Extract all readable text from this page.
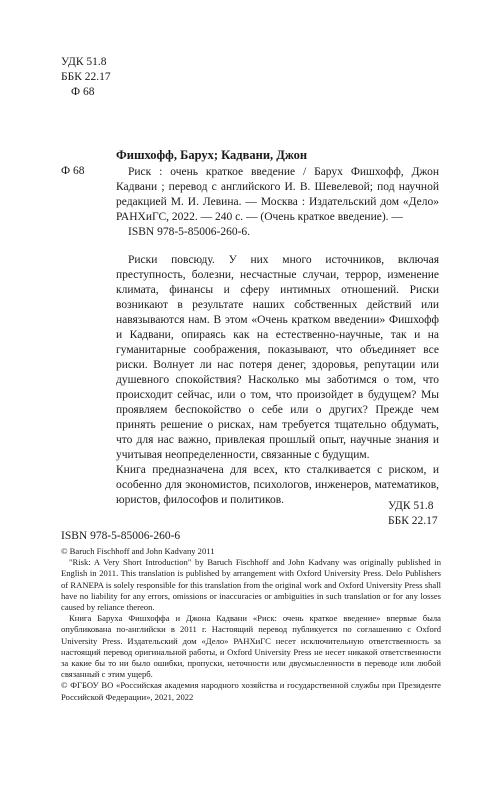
УДК 51.8
ББК 22.17
Ф 68
Фишхофф, Барух; Кадвани, Джон
Ф 68	Риск : очень краткое введение / Барух Фишхофф, Джон Кадвани ; перевод с английского И. В. Шевелевой; под научной редакцией М. И. Левина. — Москва : Издательский дом «Дело» РАНХиГС, 2022. — 240 с. — (Очень краткое введение). —

ISBN 978-5-85006-260-6.

Риски повсюду. У них много источников, включая преступность, болезни, несчастные случаи, террор, изменение климата, финансы и сферу интимных отношений. Риски возникают в результате наших собственных действий или навязываются нам. В этом «Очень кратком введении» Фишхофф и Кадвани, опираясь как на естественно-научные, так и на гуманитарные соображения, показывают, что объединяет все риски. Волнует ли нас потеря денег, здоровья, репутации или душевного спокойствия? Насколько мы заботимся о том, что происходит сейчас, или о том, что произойдет в будущем? Мы проявляем беспокойство о себе или о других? Прежде чем принять решение о рисках, нам требуется тщательно обдумать, что для нас важно, привлекая прошлый опыт, научные знания и учитывая неопределенности, связанные с будущим.

Книга предназначена для всех, кто сталкивается с риском, и особенно для экономистов, психологов, инженеров, математиков, юристов, философов и политиков.	УДК 51.8
ББК 22.17
ISBN 978-5-85006-260-6

© Baruch Fischhoff and John Kadvany 2011

"Risk: A Very Short Introduction" by Baruch Fischhoff and John Kadvany was originally published in English in 2011. This translation is published by arrangement with Oxford University Press. Delo Publishers of RANEPA is solely responsible for this translation from the original work and Oxford University Press shall have no liability for any errors, omissions or inaccuracies or ambiguities in such translation or for any losses caused by reliance thereon.

Книга Баруха Фишхоффа и Джона Кадвани «Риск: очень краткое введение» впервые была опубликована по-английски в 2011 г. Настоящий перевод публикуется по соглашению с Oxford University Press. Издательский дом «Дело» РАНХиГС несет исключительную ответственность за настоящий перевод оригинальной работы, и Oxford University Press не несет никакой ответственности за какие бы то ни было ошибки, пропуски, неточности или двусмысленности в переводе или любой связанный с этим ущерб.

© ФГБОУ ВО «Российская академия народного хозяйства и государственной службы при Президенте Российской Федерации», 2021, 2022
